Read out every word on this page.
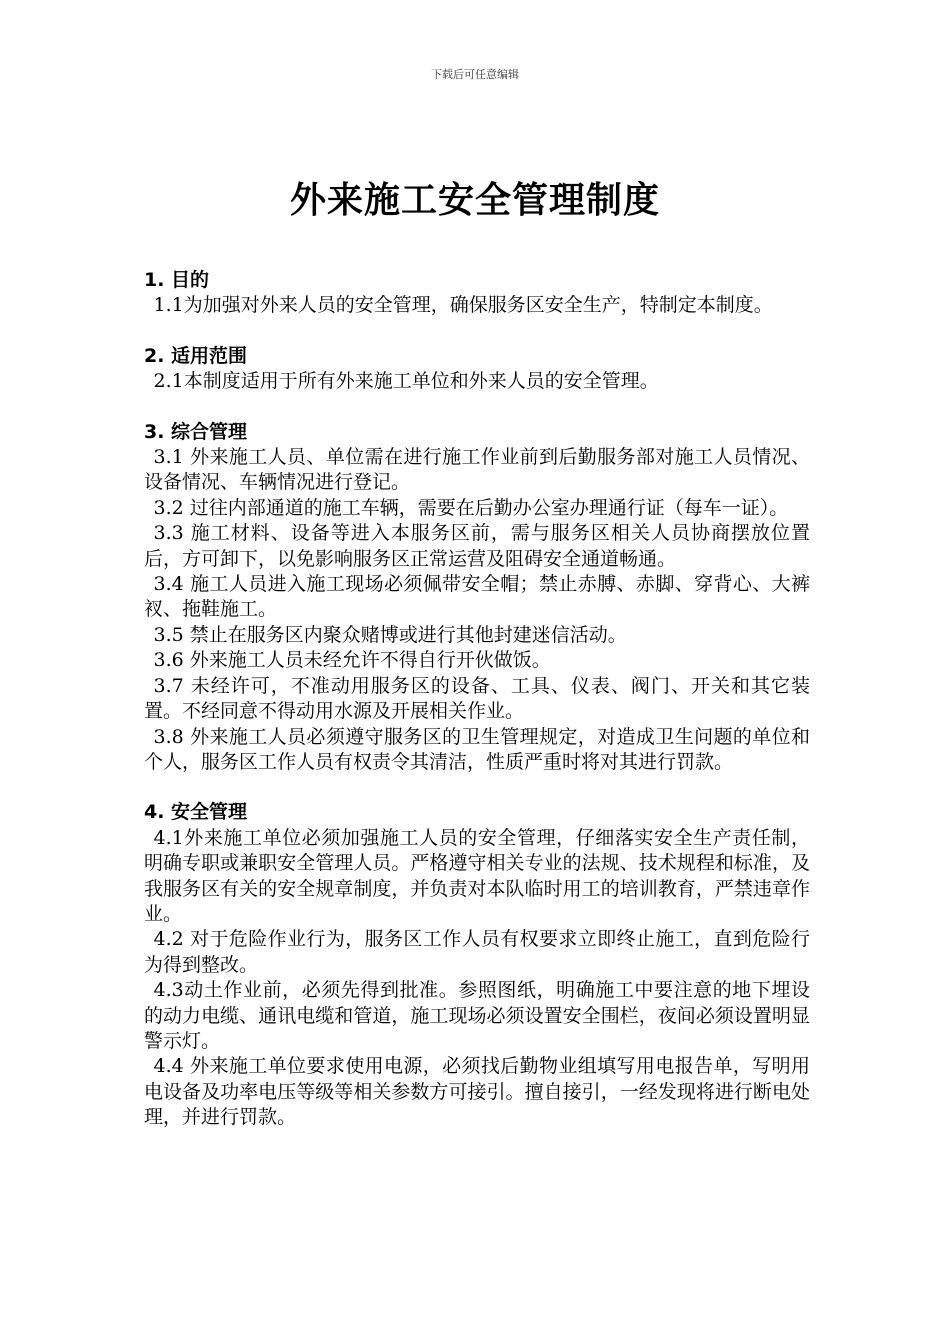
下载后可任意编辑
外来施工安全管理制度
1. 目的
1.1为加强对外来人员的安全管理，确保服务区安全生产，特制定本制度。
2. 适用范围
2.1本制度适用于所有外来施工单位和外来人员的安全管理。
3. 综合管理
3.1 外来施工人员、单位需在进行施工作业前到后勤服务部对施工人员情况、设备情况、车辆情况进行登记。
3.2 过往内部通道的施工车辆，需要在后勤办公室办理通行证（每车一证）。
3.3 施工材料、设备等进入本服务区前，需与服务区相关人员协商摆放位置后，方可卸下，以免影响服务区正常运营及阻碍安全通道畅通。
3.4 施工人员进入施工现场必须佩带安全帽；禁止赤膊、赤脚、穿背心、大裤衩、拖鞋施工。
3.5 禁止在服务区内聚众赌博或进行其他封建迷信活动。
3.6 外来施工人员未经允许不得自行开伙做饭。
3.7 未经许可，不准动用服务区的设备、工具、仪表、阀门、开关和其它装置。不经同意不得动用水源及开展相关作业。
3.8 外来施工人员必须遵守服务区的卫生管理规定，对造成卫生问题的单位和个人，服务区工作人员有权责令其清洁，性质严重时将对其进行罚款。
4. 安全管理
4.1外来施工单位必须加强施工人员的安全管理，仔细落实安全生产责任制，明确专职或兼职安全管理人员。严格遵守相关专业的法规、技术规程和标准，及我服务区有关的安全规章制度，并负责对本队临时用工的培训教育，严禁违章作业。
4.2 对于危险作业行为，服务区工作人员有权要求立即终止施工，直到危险行为得到整改。
4.3动土作业前，必须先得到批准。参照图纸，明确施工中要注意的地下埋设的动力电缆、通讯电缆和管道，施工现场必须设置安全围栏，夜间必须设置明显警示灯。
4.4 外来施工单位要求使用电源，必须找后勤物业组填写用电报告单，写明用电设备及功率电压等级等相关参数方可接引。擅自接引，一经发现将进行断电处理，并进行罚款。
